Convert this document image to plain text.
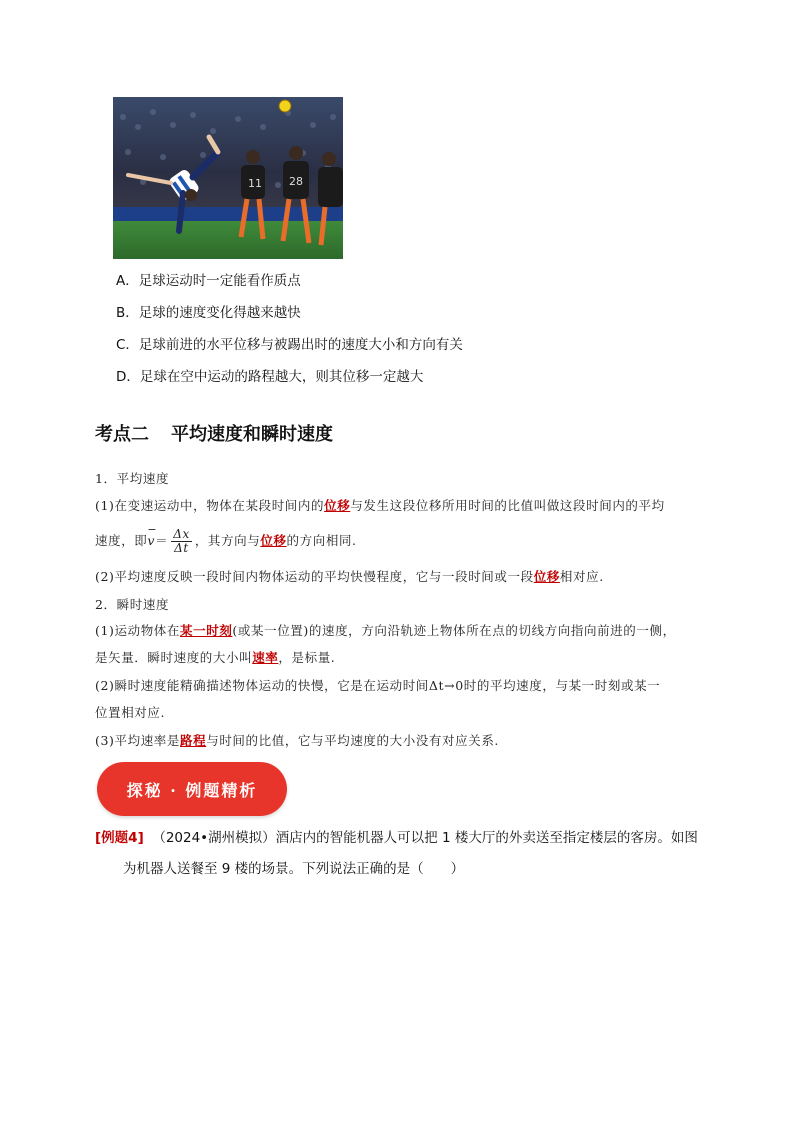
11 28
A．足球运动时一定能看作质点
B．足球的速度变化得越来越快
C．足球前进的水平位移与被踢出时的速度大小和方向有关
D．足球在空中运动的路程越大，则其位移一定越大
考点二 平均速度和瞬时速度
1．平均速度
(1)在变速运动中，物体在某段时间内的位移与发生这段位移所用时间的比值叫做这段时间内的平均
速度，即− $v= \frac{\Delta x}{\Delta t}$ ，其方向与位移的方向相同.
(2)平均速度反映一段时间内物体运动的平均快慢程度，它与一段时间或一段位移相对应.
2．瞬时速度
(1)运动物体在某一时刻(或某一位置)的速度，方向沿轨迹上物体所在点的切线方向指向前进的一侧，
是矢量．瞬时速度的大小叫速率，是标量.
(2)瞬时速度能精确描述物体运动的快慢，它是在运动时间Δt→0时的平均速度，与某一时刻或某一
位置相对应.
(3)平均速率是路程与时间的比值，它与平均速度的大小没有对应关系.
探秘 · 例题精析
[例题4] （2024•湖州模拟）酒店内的智能机器人可以把 1 楼大厅的外卖送至指定楼层的客房。如图
为机器人送餐至 9 楼的场景。下列说法正确的是（　　）
